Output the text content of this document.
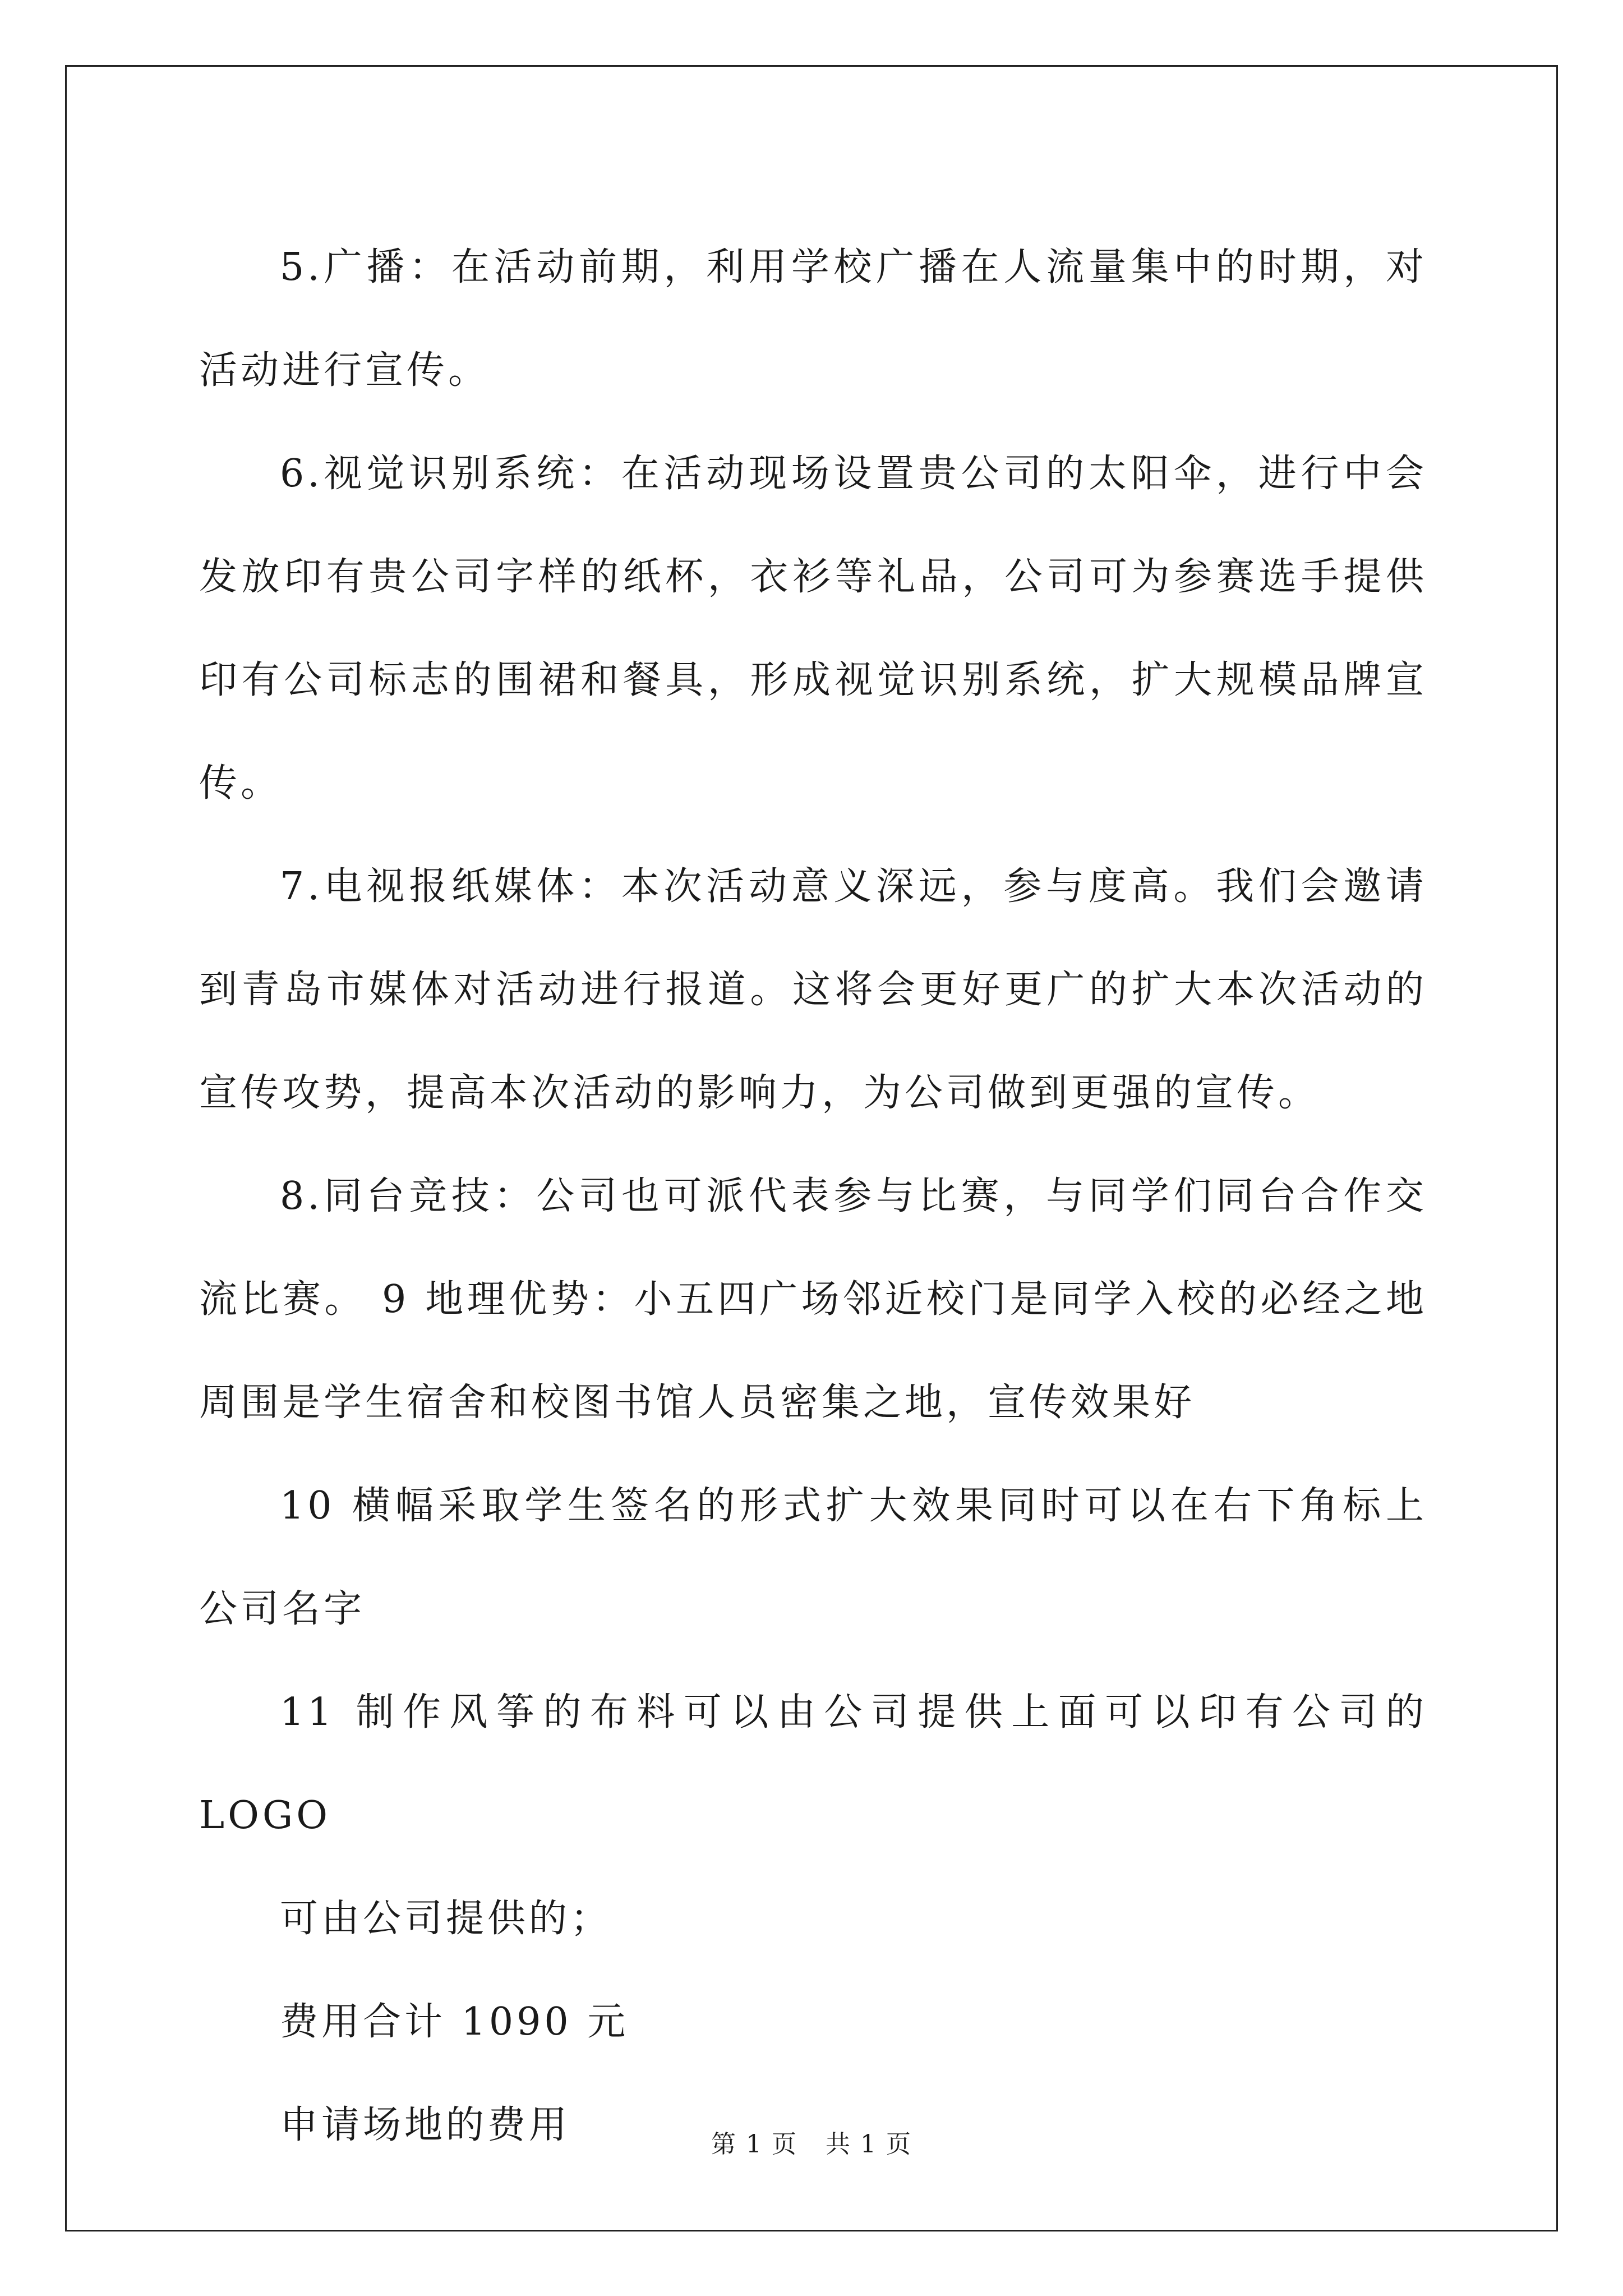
5.广播：在活动前期，利用学校广播在人流量集中的时期，对活动进行宣传。

6.视觉识别系统：在活动现场设置贵公司的太阳伞，进行中会发放印有贵公司字样的纸杯，衣衫等礼品，公司可为参赛选手提供印有公司标志的围裙和餐具，形成视觉识别系统，扩大规模品牌宣传。

7.电视报纸媒体：本次活动意义深远，参与度高。我们会邀请到青岛市媒体对活动进行报道。这将会更好更广的扩大本次活动的宣传攻势，提高本次活动的影响力，为公司做到更强的宣传。

8.同台竞技：公司也可派代表参与比赛，与同学们同台合作交流比赛。 9 地理优势：小五四广场邻近校门是同学入校的必经之地 周围是学生宿舍和校图书馆人员密集之地，宣传效果好

10 横幅采取学生签名的形式扩大效果同时可以在右下角标上公司名字

11 制作风筝的布料可以由公司提供上面可以印有公司的 LOGO

可由公司提供的；

费用合计 1090 元

申请场地的费用	第 1 页 共 1 页
